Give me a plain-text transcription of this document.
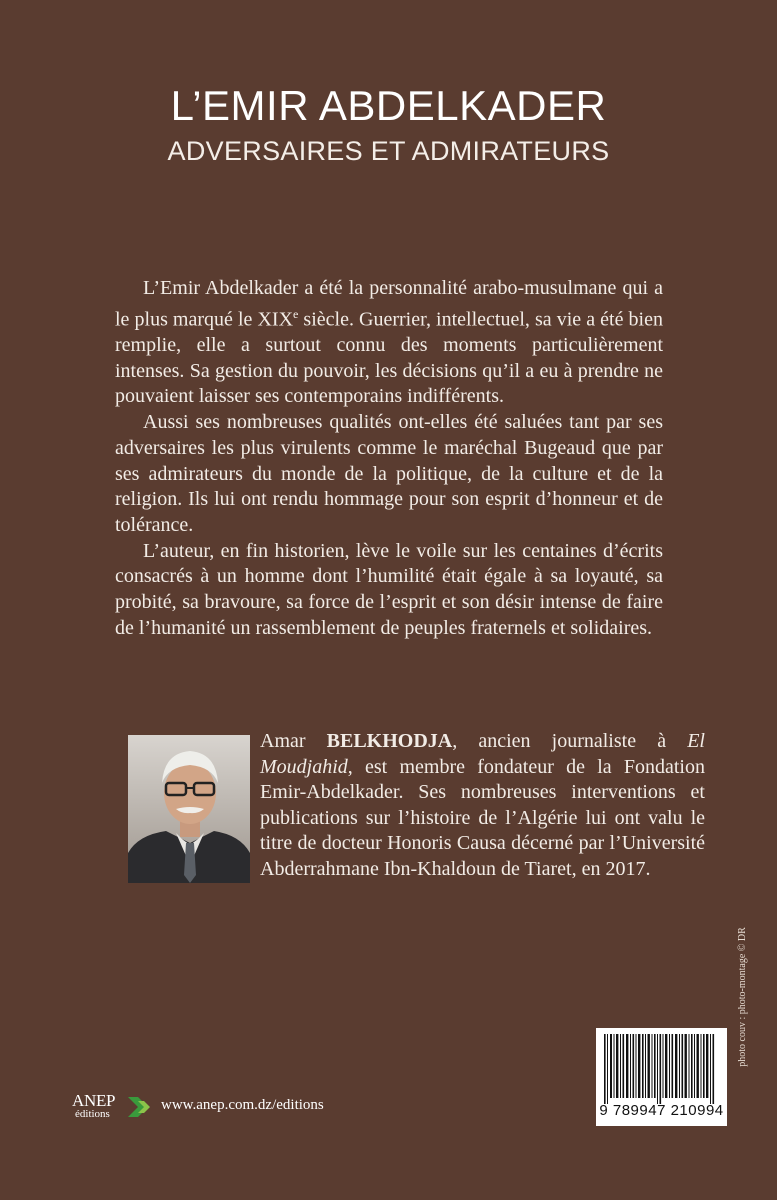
L’EMIR ABDELKADER
ADVERSAIRES ET ADMIRATEURS

L’Emir Abdelkader a été la personnalité arabo-musulmane qui a le plus marqué le XIXe siècle. Guerrier, intellectuel, sa vie a été bien remplie, elle a surtout connu des moments particulièrement intenses. Sa gestion du pouvoir, les décisions qu’il a eu à prendre ne pouvaient laisser ses contemporains indifférents.

Aussi ses nombreuses qualités ont-elles été saluées tant par ses adversaires les plus virulents comme le maréchal Bugeaud que par ses admirateurs du monde de la politique, de la culture et de la religion. Ils lui ont rendu hommage pour son esprit d’honneur et de tolérance.

L’auteur, en fin historien, lève le voile sur les centaines d’écrits consacrés à un homme dont l’humilité était égale à sa loyauté, sa probité, sa bravoure, sa force de l’esprit et son désir intense de faire de l’humanité un rassemblement de peuples fraternels et solidaires.

Amar BELKHODJA, ancien journaliste à El Moudjahid, est membre fondateur de la Fondation Emir-Abdelkader. Ses nombreuses interventions et publications sur l’histoire de l’Algérie lui ont valu le titre de docteur Honoris Causa décerné par l’Université Abderrahmane Ibn-Khaldoun de Tiaret, en 2017.
photo couv : photo-montage © DR
9 789947 210994
ANEP
éditions
www.anep.com.dz/editions
